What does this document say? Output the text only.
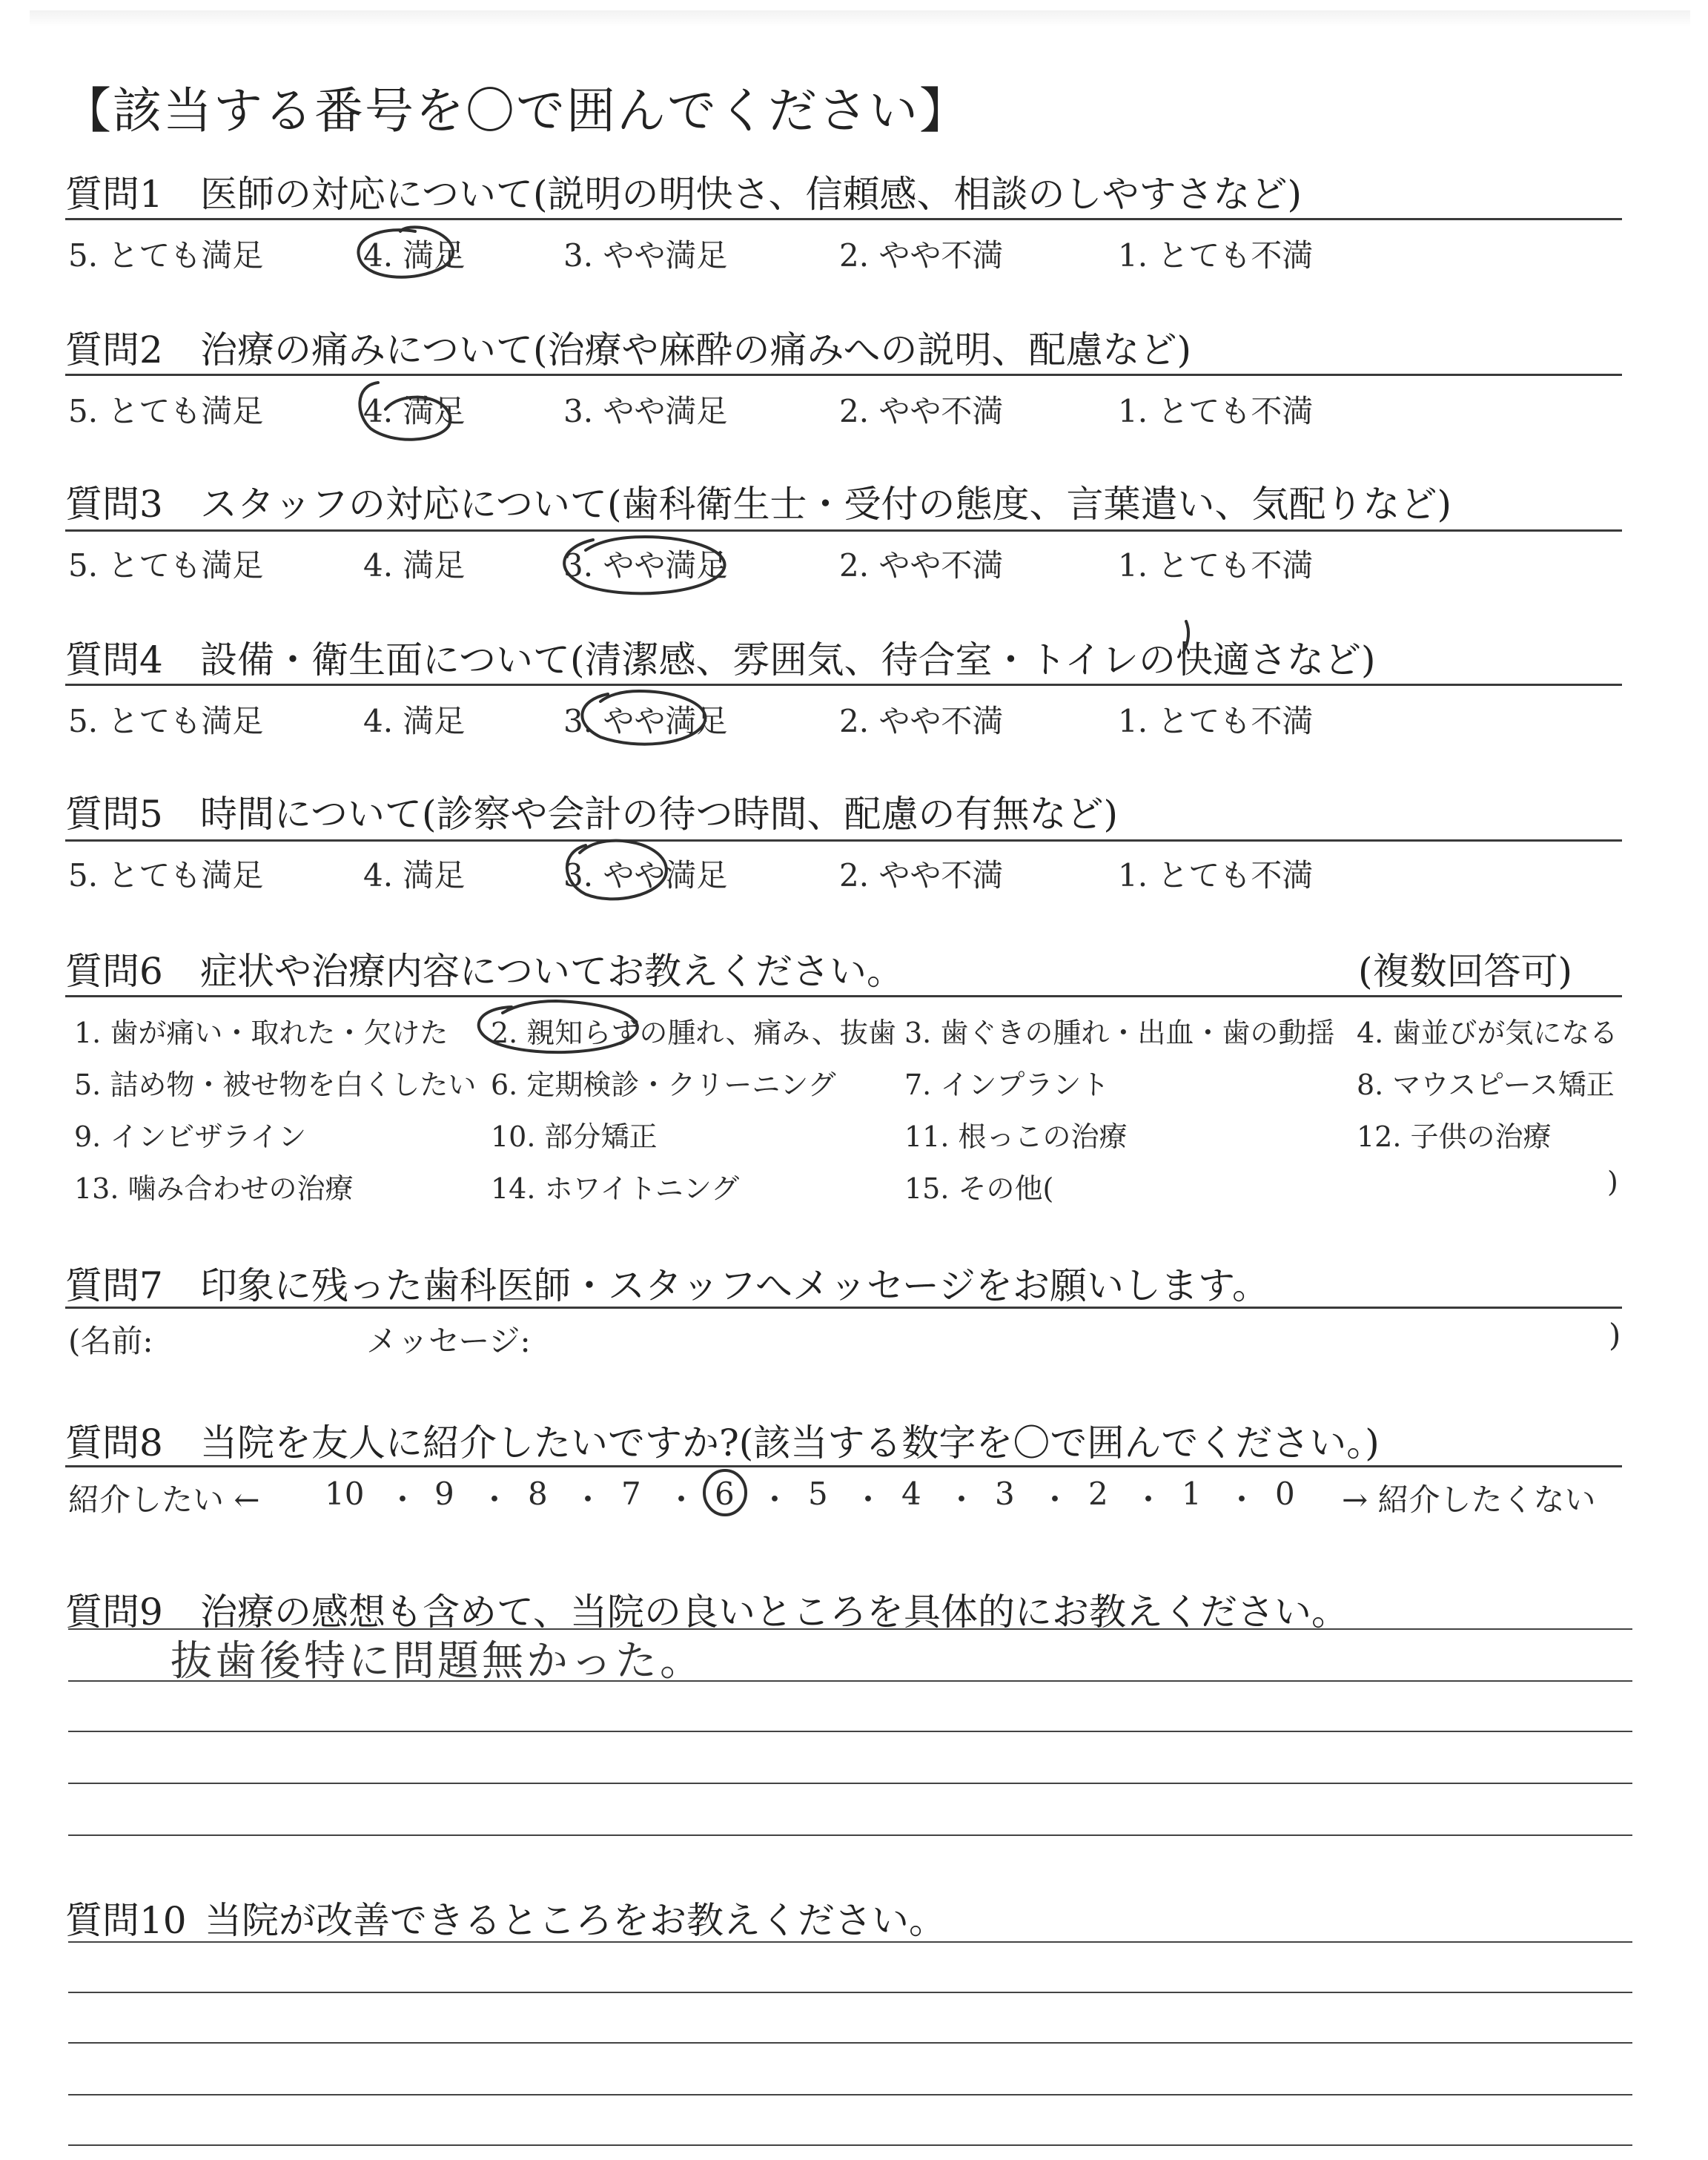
【該当する番号を〇で囲んでください】
質問1 医師の対応について(説明の明快さ、信頼感、相談のしやすさなど)
5. とても満足	4. 満足	3. やや満足	2. やや不満	1. とても不満
質問2 治療の痛みについて(治療や麻酔の痛みへの説明、配慮など)
5. とても満足	4. 満足	3. やや満足	2. やや不満	1. とても不満
質問3 スタッフの対応について(歯科衛生士・受付の態度、言葉遣い、気配りなど)
5. とても満足	4. 満足	3. やや満足	2. やや不満	1. とても不満
質問4 設備・衛生面について(清潔感、雰囲気、待合室・トイレの快適さなど)
5. とても満足	4. 満足	3. やや満足	2. やや不満	1. とても不満
質問5 時間について(診察や会計の待つ時間、配慮の有無など)
5. とても満足	4. 満足	3. やや満足	2. やや不満	1. とても不満
質問6 症状や治療内容についてお教えください。	(複数回答可)
1. 歯が痛い・取れた・欠けた 2. 親知らずの腫れ、痛み、抜歯 3. 歯ぐきの腫れ・出血・歯の動揺 4. 歯並びが気になる
5. 詰め物・被せ物を白くしたい 6. 定期検診・クリーニング 7. インプラント	8. マウスピース矯正
9. インビザライン	10. 部分矯正	11. 根っこの治療	12. 子供の治療
13. 噛み合わせの治療	14. ホワイトニング	15. その他(	)
質問7 印象に残った歯科医師・スタッフへメッセージをお願いします。
(名前:	メッセージ:	)
質問8 当院を友人に紹介したいですか?(該当する数字を〇で囲んでください。)
紹介したい ←	→ 紹介したくない
10 ・ 9 ・ 8 ・ 7 ・ 6 ・ 5 ・ 4 ・ 3 ・ 2 ・ 1 ・ 0
質問9 治療の感想も含めて、当院の良いところを具体的にお教えください。
抜歯後特に問題無かった。
質問10 当院が改善できるところをお教えください。
